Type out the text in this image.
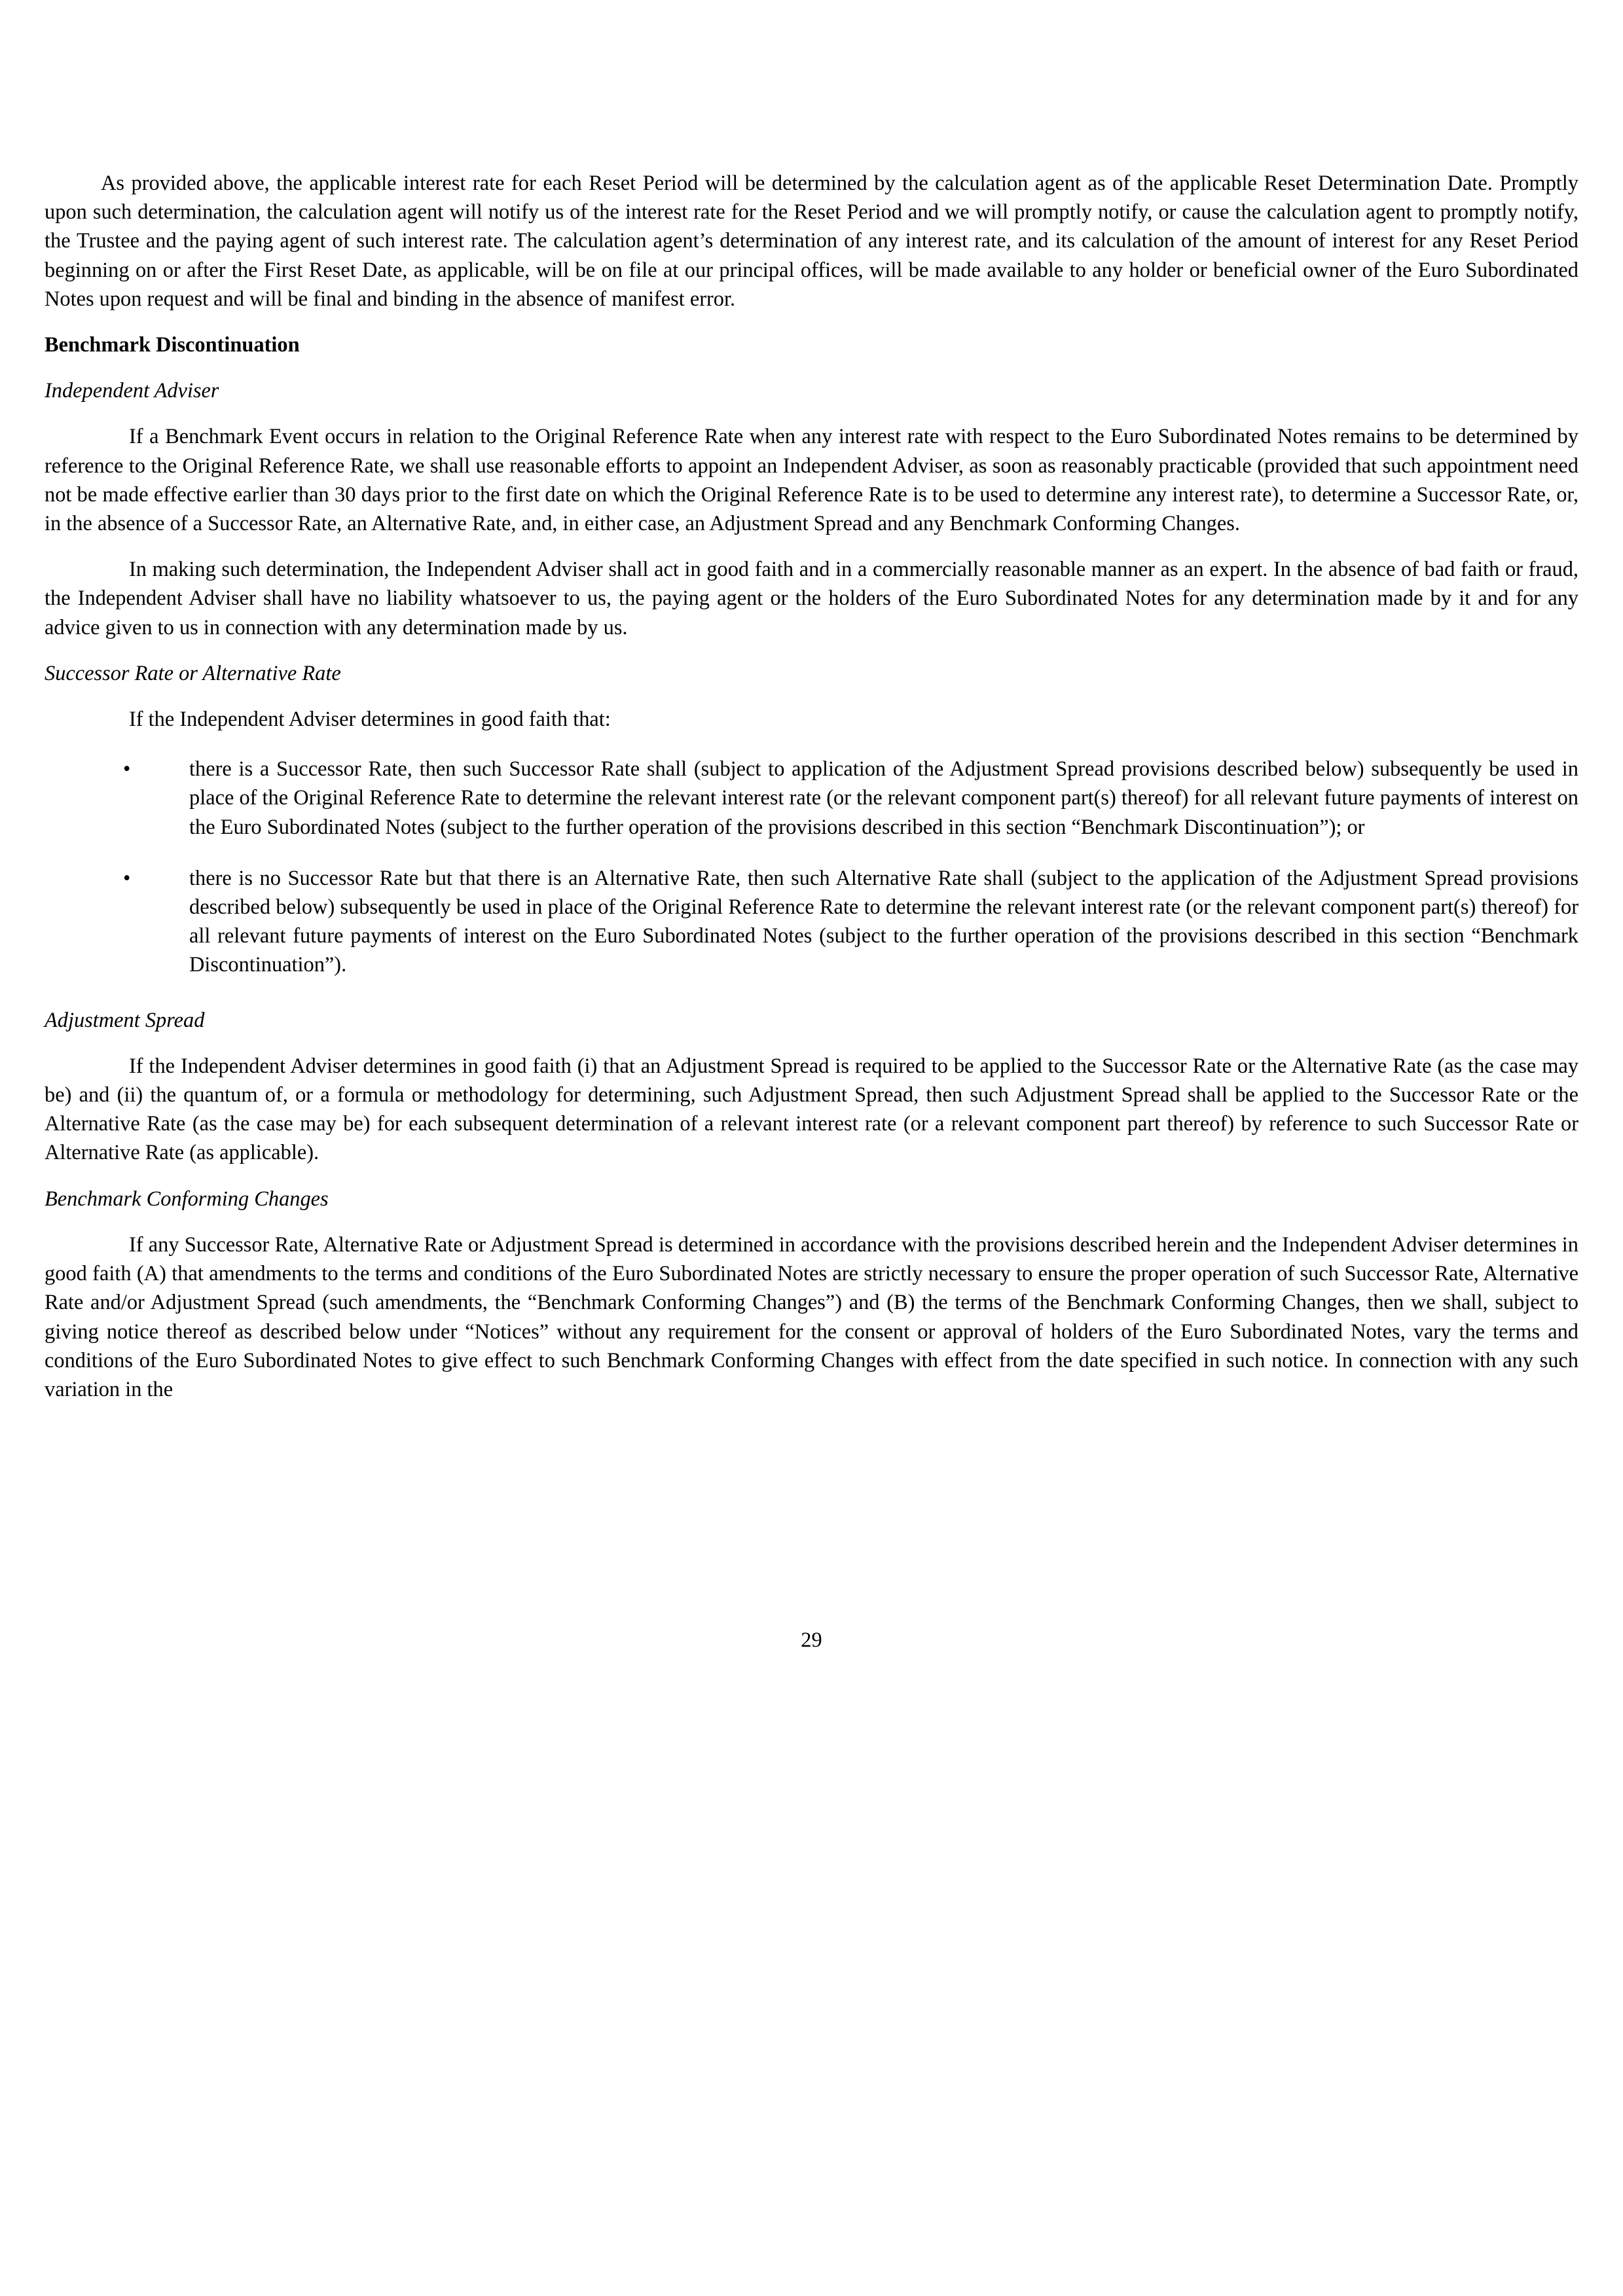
As provided above, the applicable interest rate for each Reset Period will be determined by the calculation agent as of the applicable Reset Determination Date. Promptly upon such determination, the calculation agent will notify us of the interest rate for the Reset Period and we will promptly notify, or cause the calculation agent to promptly notify, the Trustee and the paying agent of such interest rate. The calculation agent’s determination of any interest rate, and its calculation of the amount of interest for any Reset Period beginning on or after the First Reset Date, as applicable, will be on file at our principal offices, will be made available to any holder or beneficial owner of the Euro Subordinated Notes upon request and will be final and binding in the absence of manifest error.

Benchmark Discontinuation

Independent Adviser

If a Benchmark Event occurs in relation to the Original Reference Rate when any interest rate with respect to the Euro Subordinated Notes remains to be determined by reference to the Original Reference Rate, we shall use reasonable efforts to appoint an Independent Adviser, as soon as reasonably practicable (provided that such appointment need not be made effective earlier than 30 days prior to the first date on which the Original Reference Rate is to be used to determine any interest rate), to determine a Successor Rate, or, in the absence of a Successor Rate, an Alternative Rate, and, in either case, an Adjustment Spread and any Benchmark Conforming Changes.

In making such determination, the Independent Adviser shall act in good faith and in a commercially reasonable manner as an expert. In the absence of bad faith or fraud, the Independent Adviser shall have no liability whatsoever to us, the paying agent or the holders of the Euro Subordinated Notes for any determination made by it and for any advice given to us in connection with any determination made by us.

Successor Rate or Alternative Rate

If the Independent Adviser determines in good faith that:

•	there is a Successor Rate, then such Successor Rate shall (subject to application of the Adjustment Spread provisions described below) subsequently be used in place of the Original Reference Rate to determine the relevant interest rate (or the relevant component part(s) thereof) for all relevant future payments of interest on the Euro Subordinated Notes (subject to the further operation of the provisions described in this section “Benchmark Discontinuation”); or
•	there is no Successor Rate but that there is an Alternative Rate, then such Alternative Rate shall (subject to the application of the Adjustment Spread provisions described below) subsequently be used in place of the Original Reference Rate to determine the relevant interest rate (or the relevant component part(s) thereof) for all relevant future payments of interest on the Euro Subordinated Notes (subject to the further operation of the provisions described in this section “Benchmark Discontinuation”).

Adjustment Spread

If the Independent Adviser determines in good faith (i) that an Adjustment Spread is required to be applied to the Successor Rate or the Alternative Rate (as the case may be) and (ii) the quantum of, or a formula or methodology for determining, such Adjustment Spread, then such Adjustment Spread shall be applied to the Successor Rate or the Alternative Rate (as the case may be) for each subsequent determination of a relevant interest rate (or a relevant component part thereof) by reference to such Successor Rate or Alternative Rate (as applicable).

Benchmark Conforming Changes

If any Successor Rate, Alternative Rate or Adjustment Spread is determined in accordance with the provisions described herein and the Independent Adviser determines in good faith (A) that amendments to the terms and conditions of the Euro Subordinated Notes are strictly necessary to ensure the proper operation of such Successor Rate, Alternative Rate and/or Adjustment Spread (such amendments, the “Benchmark Conforming Changes”) and (B) the terms of the Benchmark Conforming Changes, then we shall, subject to giving notice thereof as described below under “Notices” without any requirement for the consent or approval of holders of the Euro Subordinated Notes, vary the terms and conditions of the Euro Subordinated Notes to give effect to such Benchmark Conforming Changes with effect from the date specified in such notice. In connection with any such variation in the

29
